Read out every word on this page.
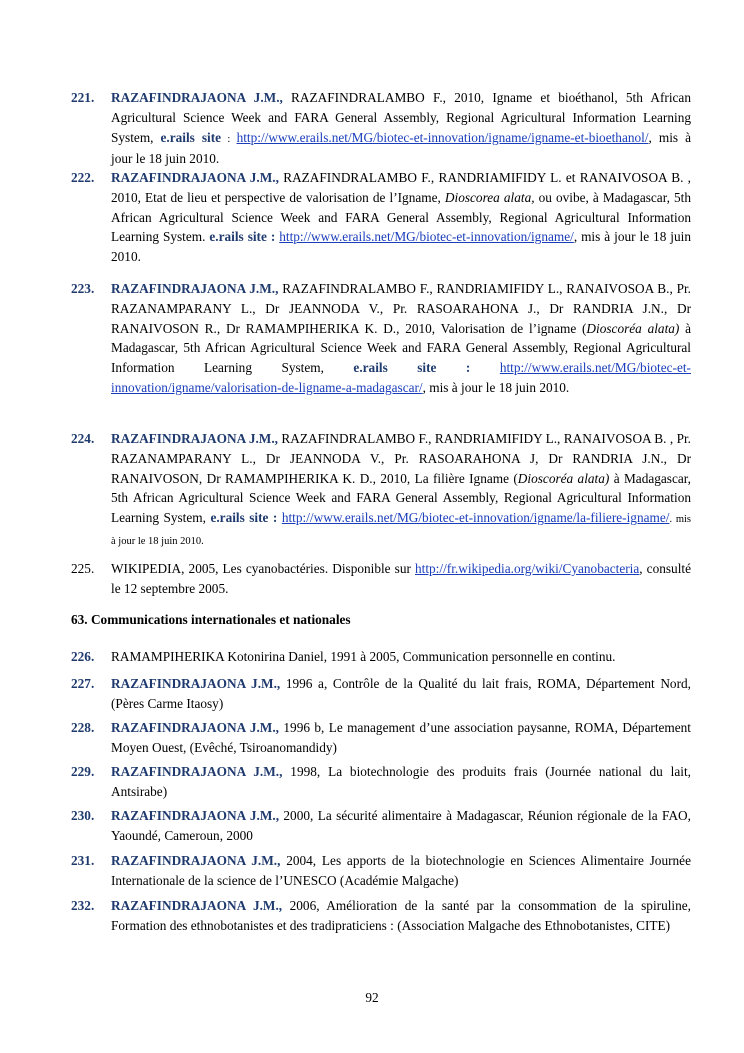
221.	RAZAFINDRAJAONA J.M., RAZAFINDRALAMBO F., 2010, Igname et bioéthanol, 5th African Agricultural Science Week and FARA General Assembly, Regional Agricultural Information Learning System, e.rails site : http://www.erails.net/MG/biotec-et-innovation/igname/igname-et-bioethanol/, mis à jour le 18 juin 2010.
222.	RAZAFINDRAJAONA J.M., RAZAFINDRALAMBO F., RANDRIAMIFIDY L. et RANAIVOSOA B. , 2010, Etat de lieu et perspective de valorisation de l’Igname, Dioscorea alata, ou ovibe, à Madagascar, 5th African Agricultural Science Week and FARA General Assembly, Regional Agricultural Information Learning System. e.rails site : http://www.erails.net/MG/biotec-et-innovation/igname/, mis à jour le 18 juin 2010.
223.	RAZAFINDRAJAONA J.M., RAZAFINDRALAMBO F., RANDRIAMIFIDY L., RANAIVOSOA B., Pr. RAZANAMPARANY L., Dr JEANNODA V., Pr. RASOARAHONA J., Dr RANDRIA J.N., Dr RANAIVOSON R., Dr RAMAMPIHERIKA K. D., 2010, Valorisation de l’igname (Dioscoréa alata) à Madagascar, 5th African Agricultural Science Week and FARA General Assembly, Regional Agricultural Information Learning System, e.rails site : http://www.erails.net/MG/biotec-et-innovation/igname/valorisation-de-ligname-a-madagascar/, mis à jour le 18 juin 2010.
224.	RAZAFINDRAJAONA J.M., RAZAFINDRALAMBO F., RANDRIAMIFIDY L., RANAIVOSOA B. , Pr. RAZANAMPARANY L., Dr JEANNODA V., Pr. RASOARAHONA J, Dr RANDRIA J.N., Dr RANAIVOSON, Dr RAMAMPIHERIKA K. D., 2010, La filière Igname (Dioscoréa alata) à Madagascar, 5th African Agricultural Science Week and FARA General Assembly, Regional Agricultural Information Learning System, e.rails site : http://www.erails.net/MG/biotec-et-innovation/igname/la-filiere-igname/. mis à jour le 18 juin 2010.
225.	WIKIPEDIA, 2005, Les cyanobactéries. Disponible sur http://fr.wikipedia.org/wiki/Cyanobacteria, consulté le 12 septembre 2005.
63. Communications internationales et nationales
226.	RAMAMPIHERIKA Kotonirina Daniel, 1991 à 2005, Communication personnelle en continu.
227.	RAZAFINDRAJAONA J.M., 1996 a, Contrôle de la Qualité du lait frais, ROMA, Département Nord, (Pères Carme Itaosy)
228.	RAZAFINDRAJAONA J.M., 1996 b, Le management d’une association paysanne, ROMA, Département Moyen Ouest, (Evêché, Tsiroanomandidy)
229.	RAZAFINDRAJAONA J.M., 1998, La biotechnologie des produits frais (Journée national du lait, Antsirabe)
230.	RAZAFINDRAJAONA J.M., 2000, La sécurité alimentaire à Madagascar, Réunion régionale de la FAO, Yaoundé, Cameroun, 2000
231.	RAZAFINDRAJAONA J.M., 2004, Les apports de la biotechnologie en Sciences Alimentaire Journée Internationale de la science de l’UNESCO (Académie Malgache)
232.	RAZAFINDRAJAONA J.M., 2006, Amélioration de la santé par la consommation de la spiruline, Formation des ethnobotanistes et des tradipraticiens : (Association Malgache des Ethnobotanistes, CITE)
92
